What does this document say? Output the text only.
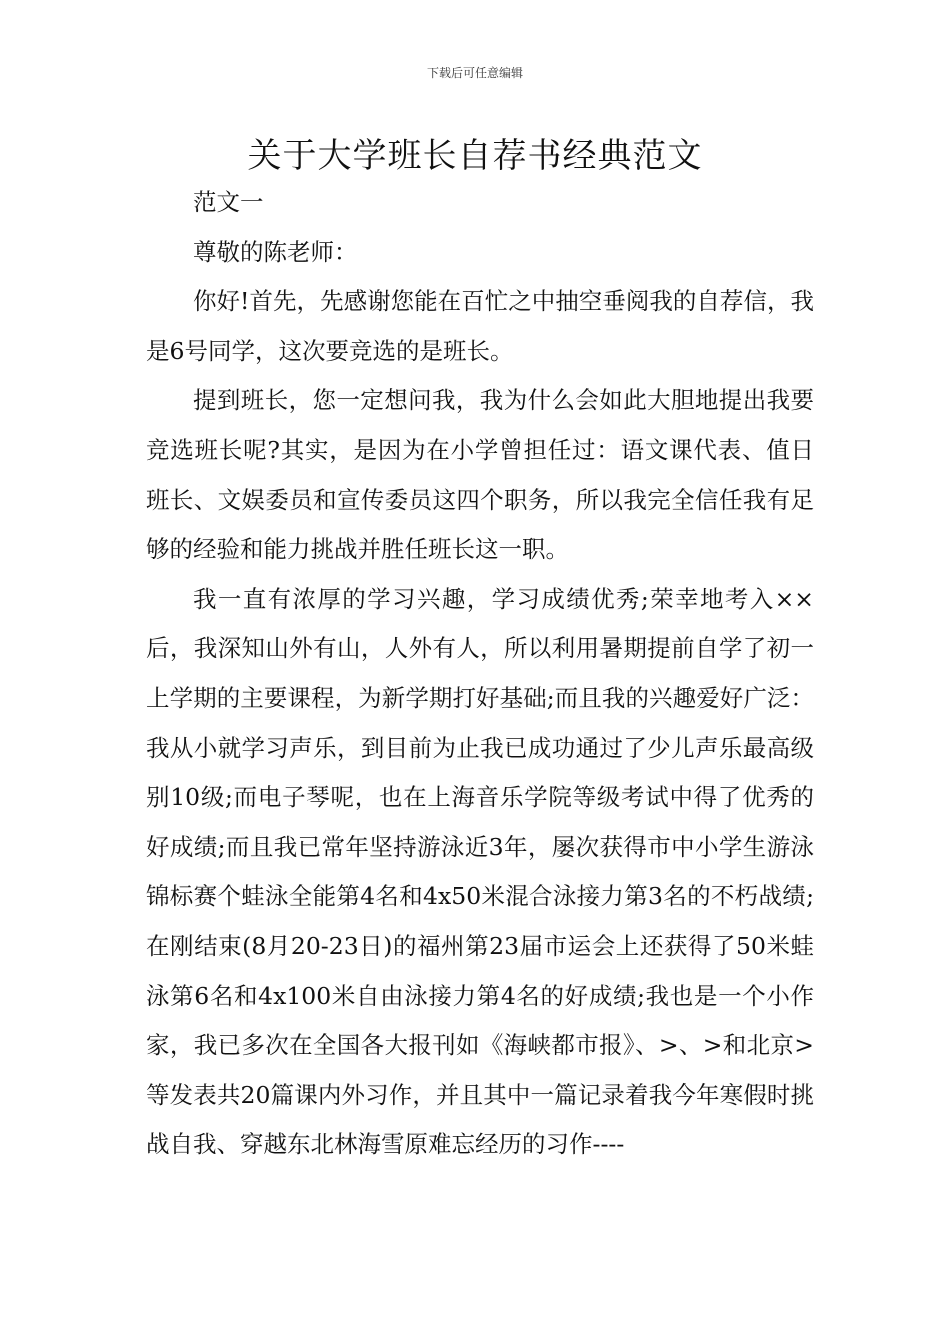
下载后可任意编辑
关于大学班长自荐书经典范文

范文一

尊敬的陈老师：

你好!首先，先感谢您能在百忙之中抽空垂阅我的自荐信，我是6号同学，这次要竞选的是班长。

提到班长，您一定想问我，我为什么会如此大胆地提出我要竞选班长呢?其实，是因为在小学曾担任过：语文课代表、值日班长、文娱委员和宣传委员这四个职务，所以我完全信任我有足够的经验和能力挑战并胜任班长这一职。

我一直有浓厚的学习兴趣，学习成绩优秀;荣幸地考入××后，我深知山外有山，人外有人，所以利用暑期提前自学了初一上学期的主要课程，为新学期打好基础;而且我的兴趣爱好广泛：我从小就学习声乐，到目前为止我已成功通过了少儿声乐最高级别10级;而电子琴呢，也在上海音乐学院等级考试中得了优秀的好成绩;而且我已常年坚持游泳近3年，屡次获得市中小学生游泳锦标赛个蛙泳全能第4名和4x50米混合泳接力第3名的不朽战绩;在刚结束(8月20-23日)的福州第23届市运会上还获得了50米蛙泳第6名和4x100米自由泳接力第4名的好成绩;我也是一个小作家，我已多次在全国各大报刊如《海峡都市报》、>、>和北京>等发表共20篇课内外习作，并且其中一篇记录着我今年寒假时挑战自我、穿越东北林海雪原难忘经历的习作----
